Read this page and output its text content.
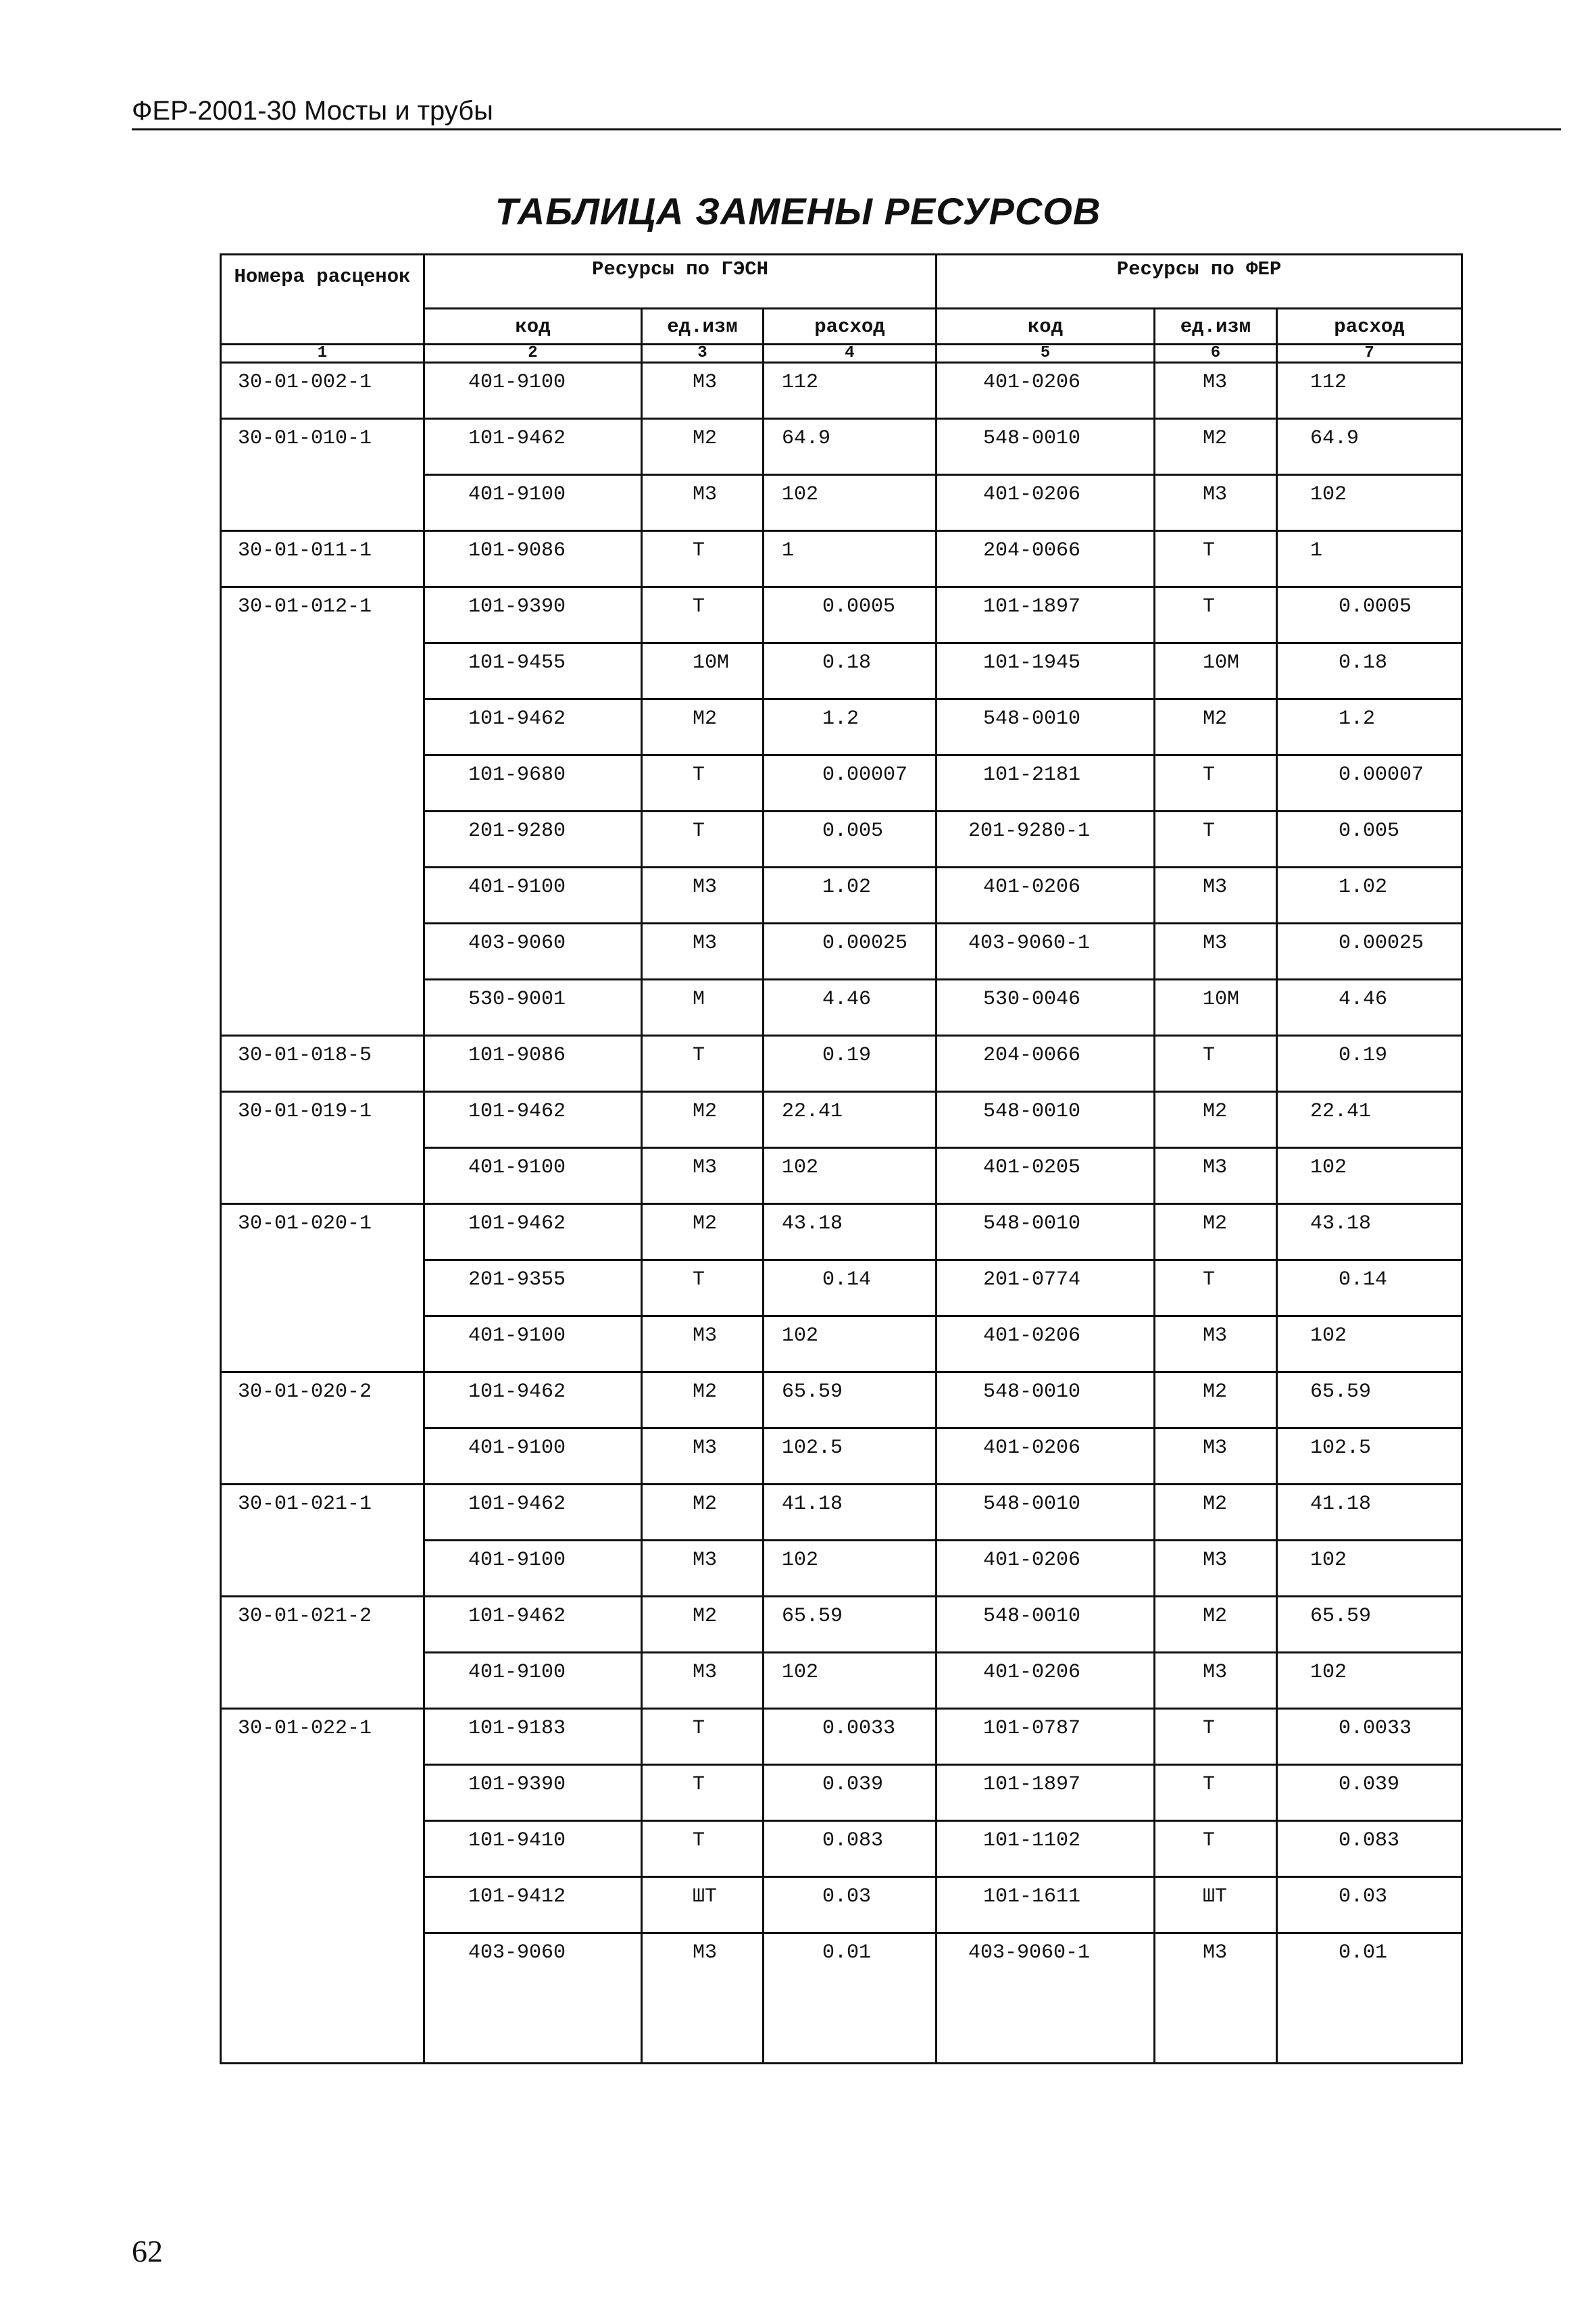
ФЕР-2001-30 Мосты и трубы
ТАБЛИЦА ЗАМЕНЫ РЕСУРСОВ
Номера расценок	Ресурсы по ГЭСН			Ресурсы по ФЕР		
	код	ед.изм	расход	код	ед.изм	расход
1	2	3	4	5	6	7
30-01-002-1	401-9100	М3	112	401-0206	М3	112
30-01-010-1	101-9462	М2	64.9	548-0010	М2	64.9
	401-9100	М3	102	401-0206	М3	102
30-01-011-1	101-9086	Т	1	204-0066	Т	1
30-01-012-1	101-9390	Т	0.0005	101-1897	Т	0.0005
	101-9455	10М	0.18	101-1945	10М	0.18
	101-9462	М2	1.2	548-0010	М2	1.2
	101-9680	Т	0.00007	101-2181	Т	0.00007
	201-9280	Т	0.005	201-9280-1	Т	0.005
	401-9100	М3	1.02	401-0206	М3	1.02
	403-9060	М3	0.00025	403-9060-1	М3	0.00025
	530-9001	М	4.46	530-0046	10М	4.46
30-01-018-5	101-9086	Т	0.19	204-0066	Т	0.19
30-01-019-1	101-9462	М2	22.41	548-0010	М2	22.41
	401-9100	М3	102	401-0205	М3	102
30-01-020-1	101-9462	М2	43.18	548-0010	М2	43.18
	201-9355	Т	0.14	201-0774	Т	0.14
	401-9100	М3	102	401-0206	М3	102
30-01-020-2	101-9462	М2	65.59	548-0010	М2	65.59
	401-9100	М3	102.5	401-0206	М3	102.5
30-01-021-1	101-9462	М2	41.18	548-0010	М2	41.18
	401-9100	М3	102	401-0206	М3	102
30-01-021-2	101-9462	М2	65.59	548-0010	М2	65.59
	401-9100	М3	102	401-0206	М3	102
30-01-022-1	101-9183	Т	0.0033	101-0787	Т	0.0033
	101-9390	Т	0.039	101-1897	Т	0.039
	101-9410	Т	0.083	101-1102	Т	0.083
	101-9412	ШТ	0.03	101-1611	ШТ	0.03
	403-9060	М3	0.01	403-9060-1	М3	0.01
62
